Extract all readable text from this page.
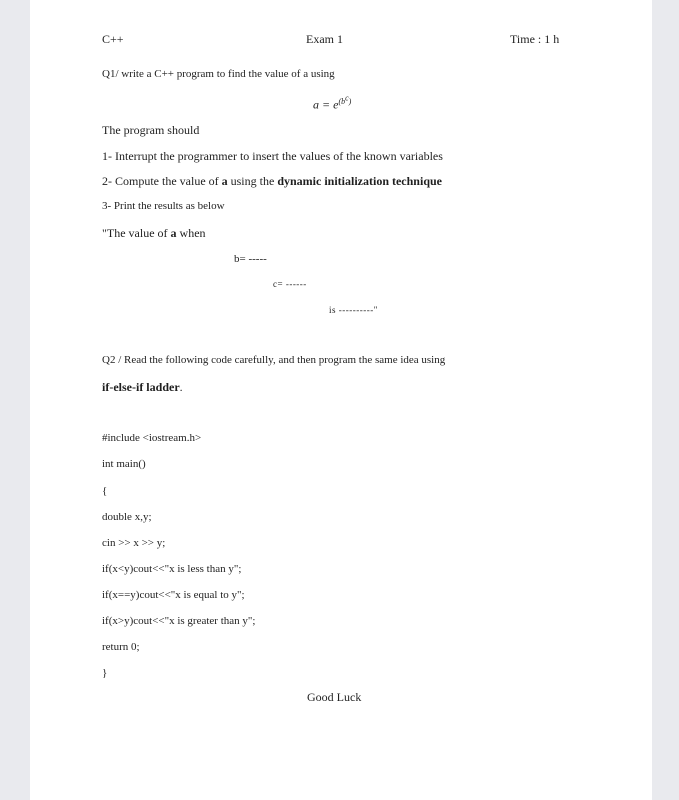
C++	Exam 1	Time : 1 h
Q1/ write a C++ program to find the value of a using
$a = e^{(b^c)}$
The program should
1- Interrupt the programmer to insert the values of the known variables
2- Compute the value of a using the dynamic initialization technique
3- Print the results as below
"The value of a when
b= -----
c= ------
is ----------"
Q2 / Read the following code carefully, and then program the same idea using
if-else-if ladder.
#include <iostream.h>
int main()
{
double x,y;
cin >> x >> y;
if(x<y)cout<<"x is less than y";
if(x==y)cout<<"x is equal to y";
if(x>y)cout<<"x is greater than y";
return 0;
}
Good Luck
